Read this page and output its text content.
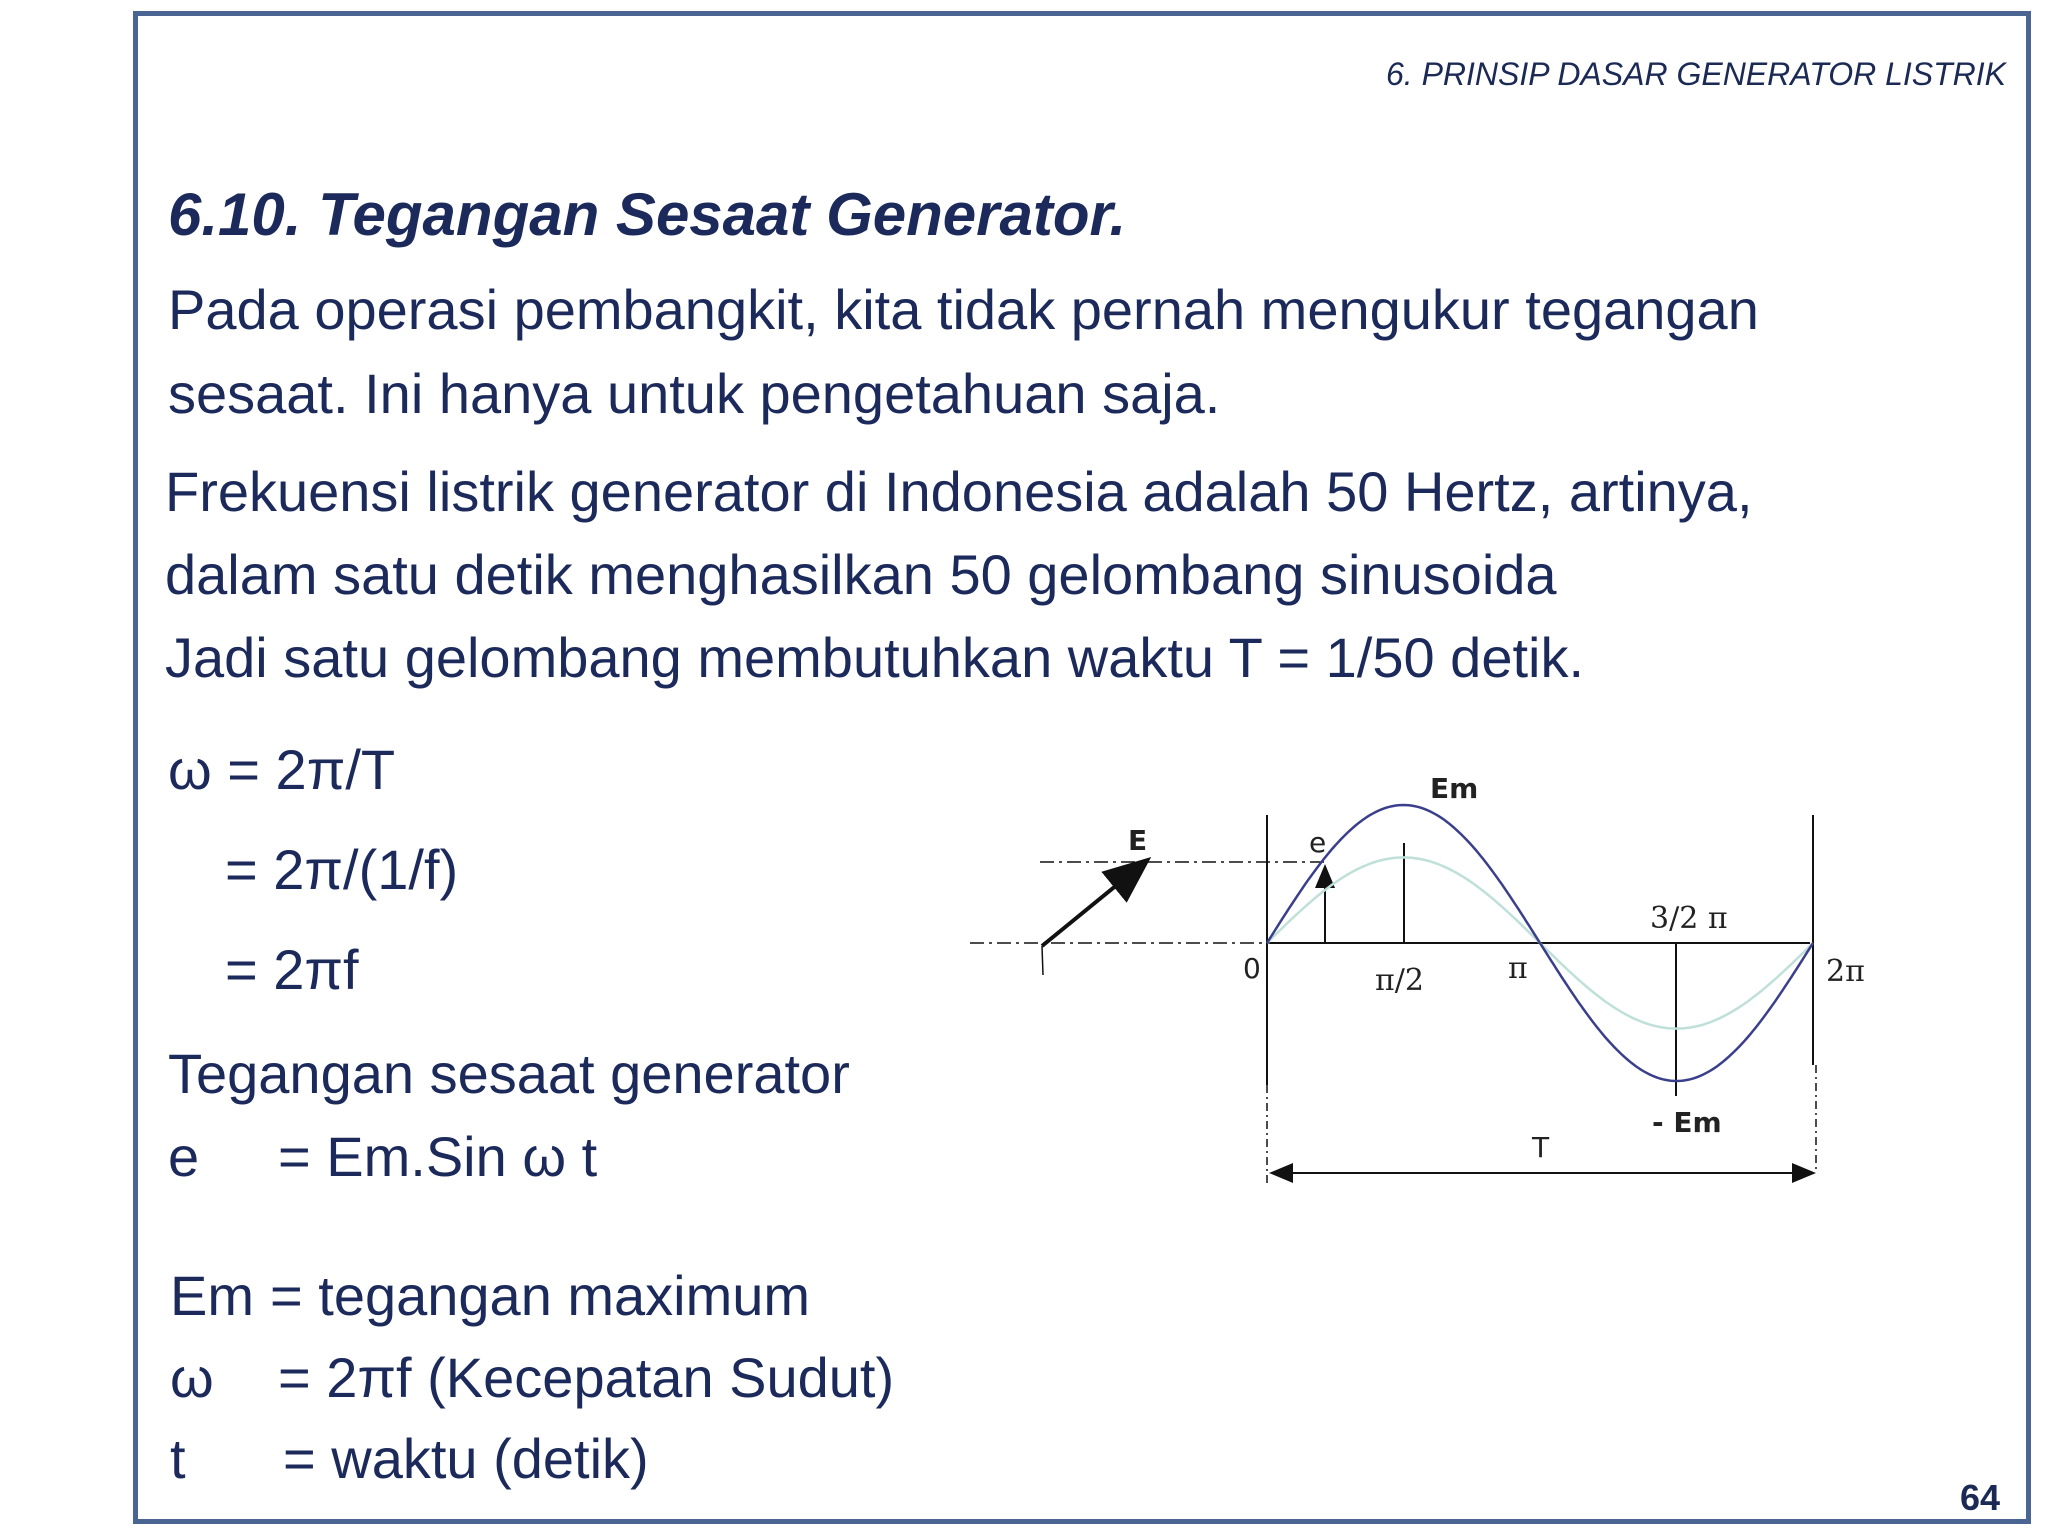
6. PRINSIP DASAR GENERATOR LISTRIK
6.10. Tegangan Sesaat Generator.
Pada operasi pembangkit, kita tidak pernah mengukur tegangan
sesaat. Ini hanya untuk pengetahuan saja.
Frekuensi listrik generator di Indonesia adalah 50 Hertz, artinya,
dalam satu detik menghasilkan 50 gelombang sinusoida
Jadi satu gelombang membutuhkan waktu T = 1/50 detik.
ω = 2π/T
= 2π/(1/f)
= 2πf
Tegangan sesaat generator
e = Em.Sin ω t
Em = tegangan maximum
ω = 2πf (Kecepatan Sudut)
t = waktu (detik)
Em
E	e
0	π/2	π
3/2 π
2π
- Em
T
64
